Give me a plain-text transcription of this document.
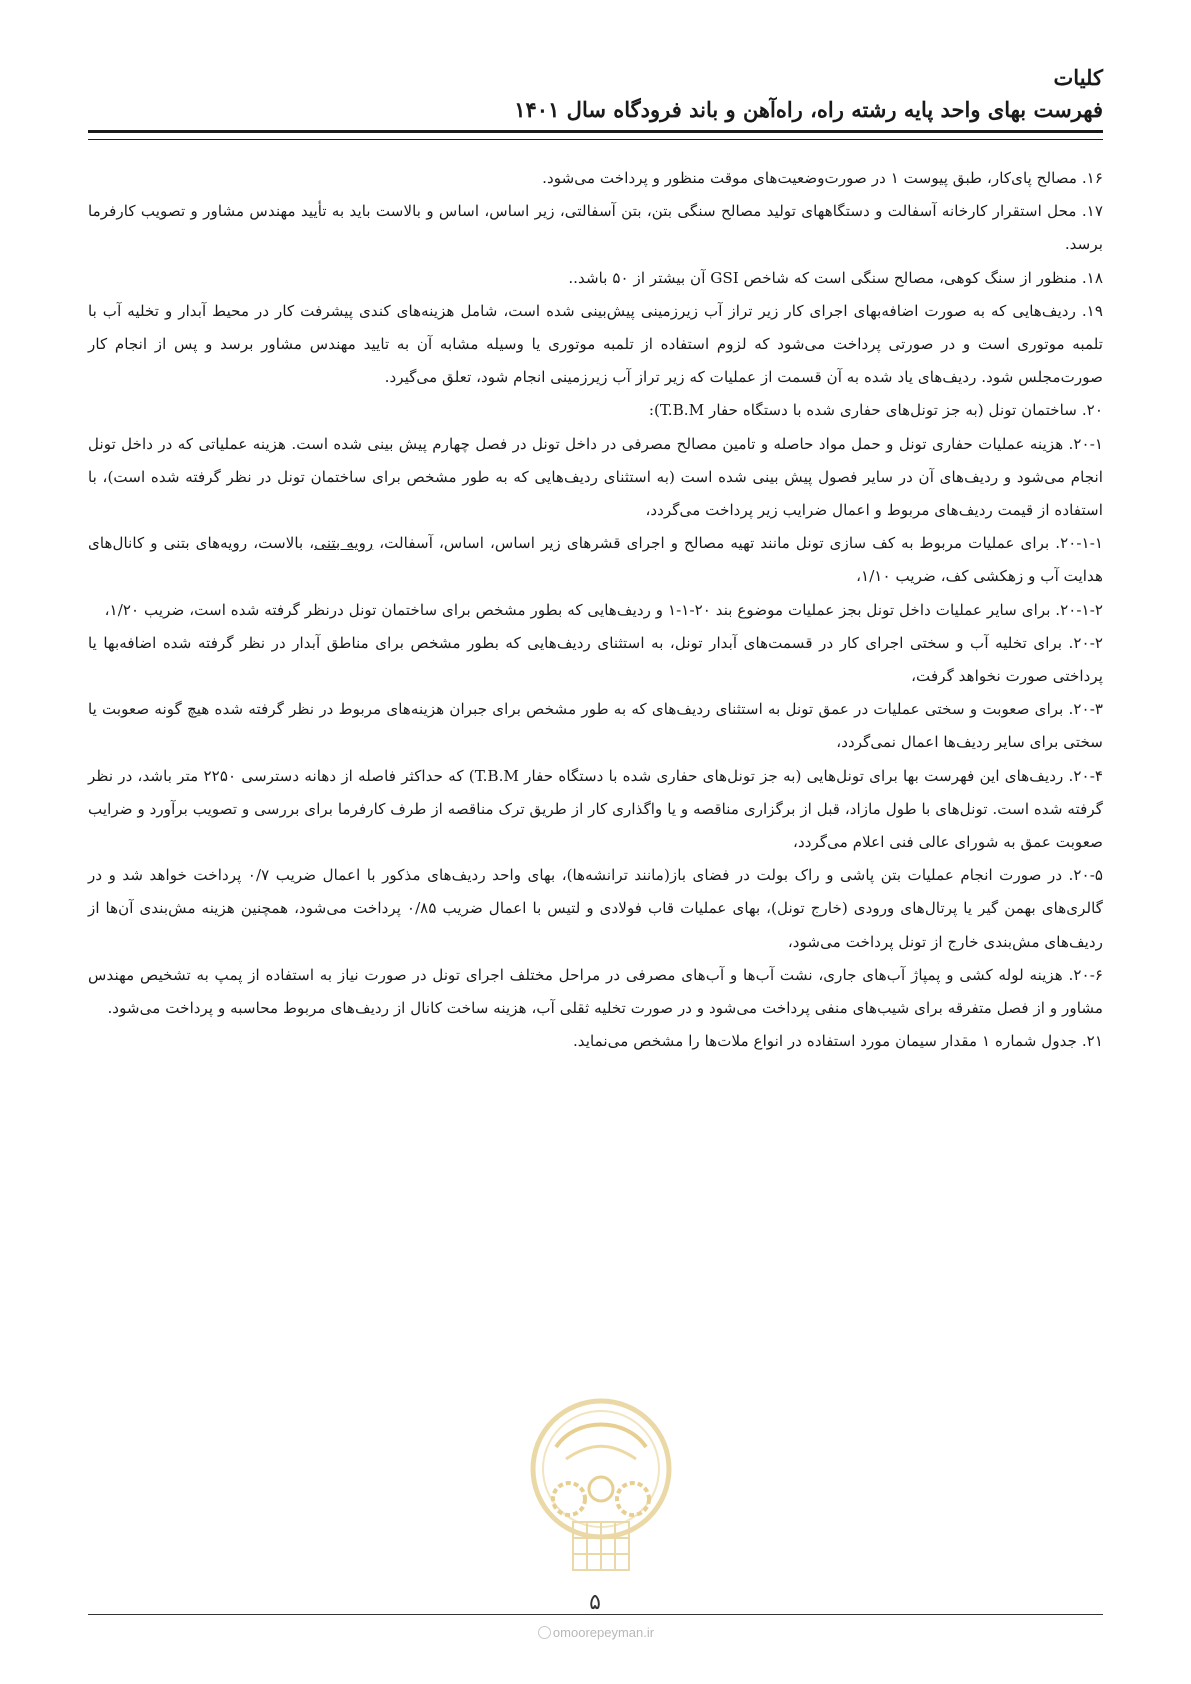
کلیات
فهرست بهای واحد پایه رشته راه، راه‌آهن و باند فرودگاه سال ۱۴۰۱

۱۶. مصالح پای‌کار، طبق پیوست ۱ در صورت‌وضعیت‌های موقت منظور و پرداخت می‌شود.

۱۷. محل استقرار کارخانه آسفالت و دستگاههای تولید مصالح سنگی بتن، بتن آسفالتی، زیر اساس، اساس و بالاست باید به تأیید مهندس مشاور و تصویب کارفرما برسد.

۱۸. منظور از سنگ کوهی، مصالح سنگی است که شاخص GSI آن بیشتر از ۵۰ باشد..

۱۹. ردیف‌هایی که به صورت اضافه‌بهای اجرای کار زیر تراز آب زیرزمینی پیش‌بینی شده است، شامل هزینه‌های کندی پیشرفت کار در محیط آبدار و تخلیه آب با تلمبه موتوری است و در صورتی پرداخت می‌شود که لزوم استفاده از تلمبه موتوری یا وسیله مشابه آن به تایید مهندس مشاور برسد و پس از انجام کار صورت‌مجلس شود. ردیف‌های یاد شده به آن قسمت از عملیات که زیر تراز آب زیرزمینی انجام شود، تعلق می‌گیرد.

۲۰. ساختمان تونل (به جز تونل‌های حفاری شده با دستگاه حفار T.B.M):

۲۰-۱. هزینه عملیات حفاری تونل و حمل مواد حاصله و تامین مصالح مصرفی در داخل تونل در فصل چهارم پیش بینی شده است. هزینه عملیاتی که در داخل تونل انجام می‌شود و ردیف‌های آن در سایر فصول پیش بینی شده است (به استثنای ردیف‌هایی که به طور مشخص برای ساختمان تونل در نظر گرفته شده است)، با استفاده از قیمت ردیف‌های مربوط و اعمال ضرایب زیر پرداخت می‌گردد،

۲۰-۱-۱. برای عملیات مربوط به کف سازی تونل مانند تهیه مصالح و اجرای قشرهای زیر اساس، اساس، آسفالت، رویه بتنی، بالاست، رویه‌های بتنی و کانال‌های هدایت آب و زهکشی کف، ضریب ۱/۱۰،

۲۰-۱-۲. برای سایر عملیات داخل تونل بجز عملیات موضوع بند ۲۰-۱-۱ و ردیف‌هایی که بطور مشخص برای ساختمان تونل درنظر گرفته شده است، ضریب ۱/۲۰،

۲۰-۲. برای تخلیه آب و سختی اجرای کار در قسمت‌های آبدار تونل، به استثنای ردیف‌هایی که بطور مشخص برای مناطق آبدار در نظر گرفته شده اضافه‌بها یا پرداختی صورت نخواهد گرفت،

۲۰-۳. برای صعوبت و سختی عملیات در عمق تونل به استثنای ردیف‌های که به طور مشخص برای جبران هزینه‌های مربوط در نظر گرفته شده هیچ گونه صعوبت یا سختی برای سایر ردیف‌ها اعمال نمی‌گردد،

۲۰-۴. ردیف‌های این فهرست بها برای تونل‌هایی (به جز تونل‌های حفاری شده با دستگاه حفار T.B.M) که حداکثر فاصله از دهانه دسترسی ۲۲۵۰ متر باشد، در نظر گرفته شده است. تونل‌های با طول مازاد، قبل از برگزاری مناقصه و یا واگذاری کار از طریق ترک مناقصه از طرف کارفرما برای بررسی و تصویب برآورد و ضرایب صعوبت عمق به شورای عالی فنی اعلام می‌گردد،

۲۰-۵. در صورت انجام عملیات بتن پاشی و راک بولت در فضای باز(مانند ترانشه‌ها)، بهای واحد ردیف‌های مذکور با اعمال ضریب ۰/۷ پرداخت خواهد شد و در گالری‌های بهمن گیر یا پرتال‌های ورودی (خارج تونل)، بهای عملیات قاب فولادی و لتیس با اعمال ضریب ۰/۸۵ پرداخت می‌شود، همچنین هزینه مش‌بندی آن‌ها از ردیف‌های مش‌بندی خارج از تونل پرداخت می‌شود،

۲۰-۶. هزینه لوله کشی و پمپاژ آب‌های جاری، نشت آب‌ها و آب‌های مصرفی در مراحل مختلف اجرای تونل در صورت نیاز به استفاده از پمپ به تشخیص مهندس مشاور و از فصل متفرقه برای شیب‌های منفی پرداخت می‌شود و در صورت تخلیه ثقلی آب، هزینه ساخت کانال از ردیف‌های مربوط محاسبه و پرداخت می‌شود.

۲۱. جدول شماره ۱ مقدار سیمان مورد استفاده در انواع ملات‌ها را مشخص می‌نماید.

۵
omoorepeyman.ir
